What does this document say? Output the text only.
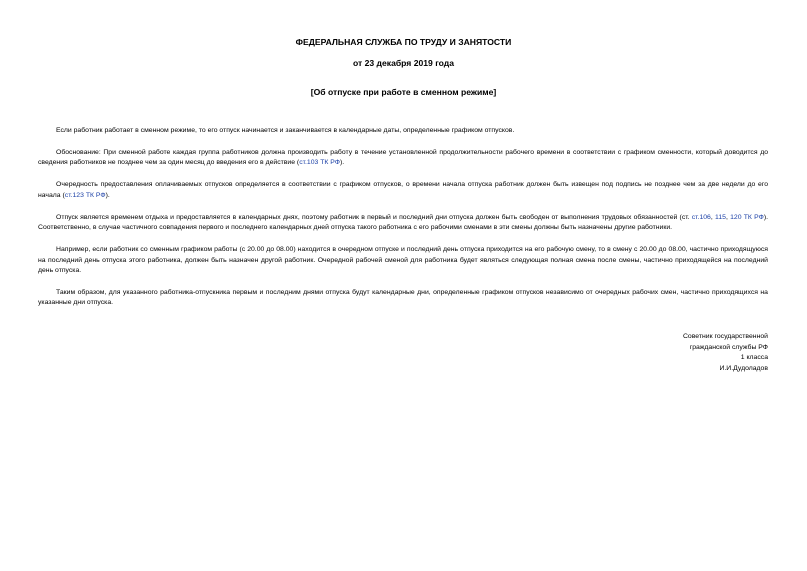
ФЕДЕРАЛЬНАЯ СЛУЖБА ПО ТРУДУ И ЗАНЯТОСТИ
от 23 декабря 2019 года
[Об отпуске при работе в сменном режиме]

Если работник работает в сменном режиме, то его отпуск начинается и заканчивается в календарные даты, определенные графиком отпусков.

Обоснование: При сменной работе каждая группа работников должна производить работу в течение установленной продолжительности рабочего времени в соответствии с графиком сменности, который доводится до сведения работников не позднее чем за один месяц до введения его в действие (ст.103 ТК РФ).

Очередность предоставления оплачиваемых отпусков определяется в соответствии с графиком отпусков, о времени начала отпуска работник должен быть извещен под подпись не позднее чем за две недели до его начала (ст.123 ТК РФ).

Отпуск является временем отдыха и предоставляется в календарных днях, поэтому работник в первый и последний дни отпуска должен быть свободен от выполнения трудовых обязанностей (ст. ст.106, 115, 120 ТК РФ). Соответственно, в случае частичного совпадения первого и последнего календарных дней отпуска такого работника с его рабочими сменами в эти смены должны быть назначены другие работники.

Например, если работник со сменным графиком работы (с 20.00 до 08.00) находится в очередном отпуске и последний день отпуска приходится на его рабочую смену, то в смену с 20.00 до 08.00, частично приходящуюся на последний день отпуска этого работника, должен быть назначен другой работник. Очередной рабочей сменой для работника будет являться следующая полная смена после смены, частично приходящейся на последний день отпуска.

Таким образом, для указанного работника-отпускника первым и последним днями отпуска будут календарные дни, определенные графиком отпусков независимо от очередных рабочих смен, частично приходящихся на указанные дни отпуска.

Советник государственной
гражданской службы РФ
1 класса
И.И.Дудоладов
